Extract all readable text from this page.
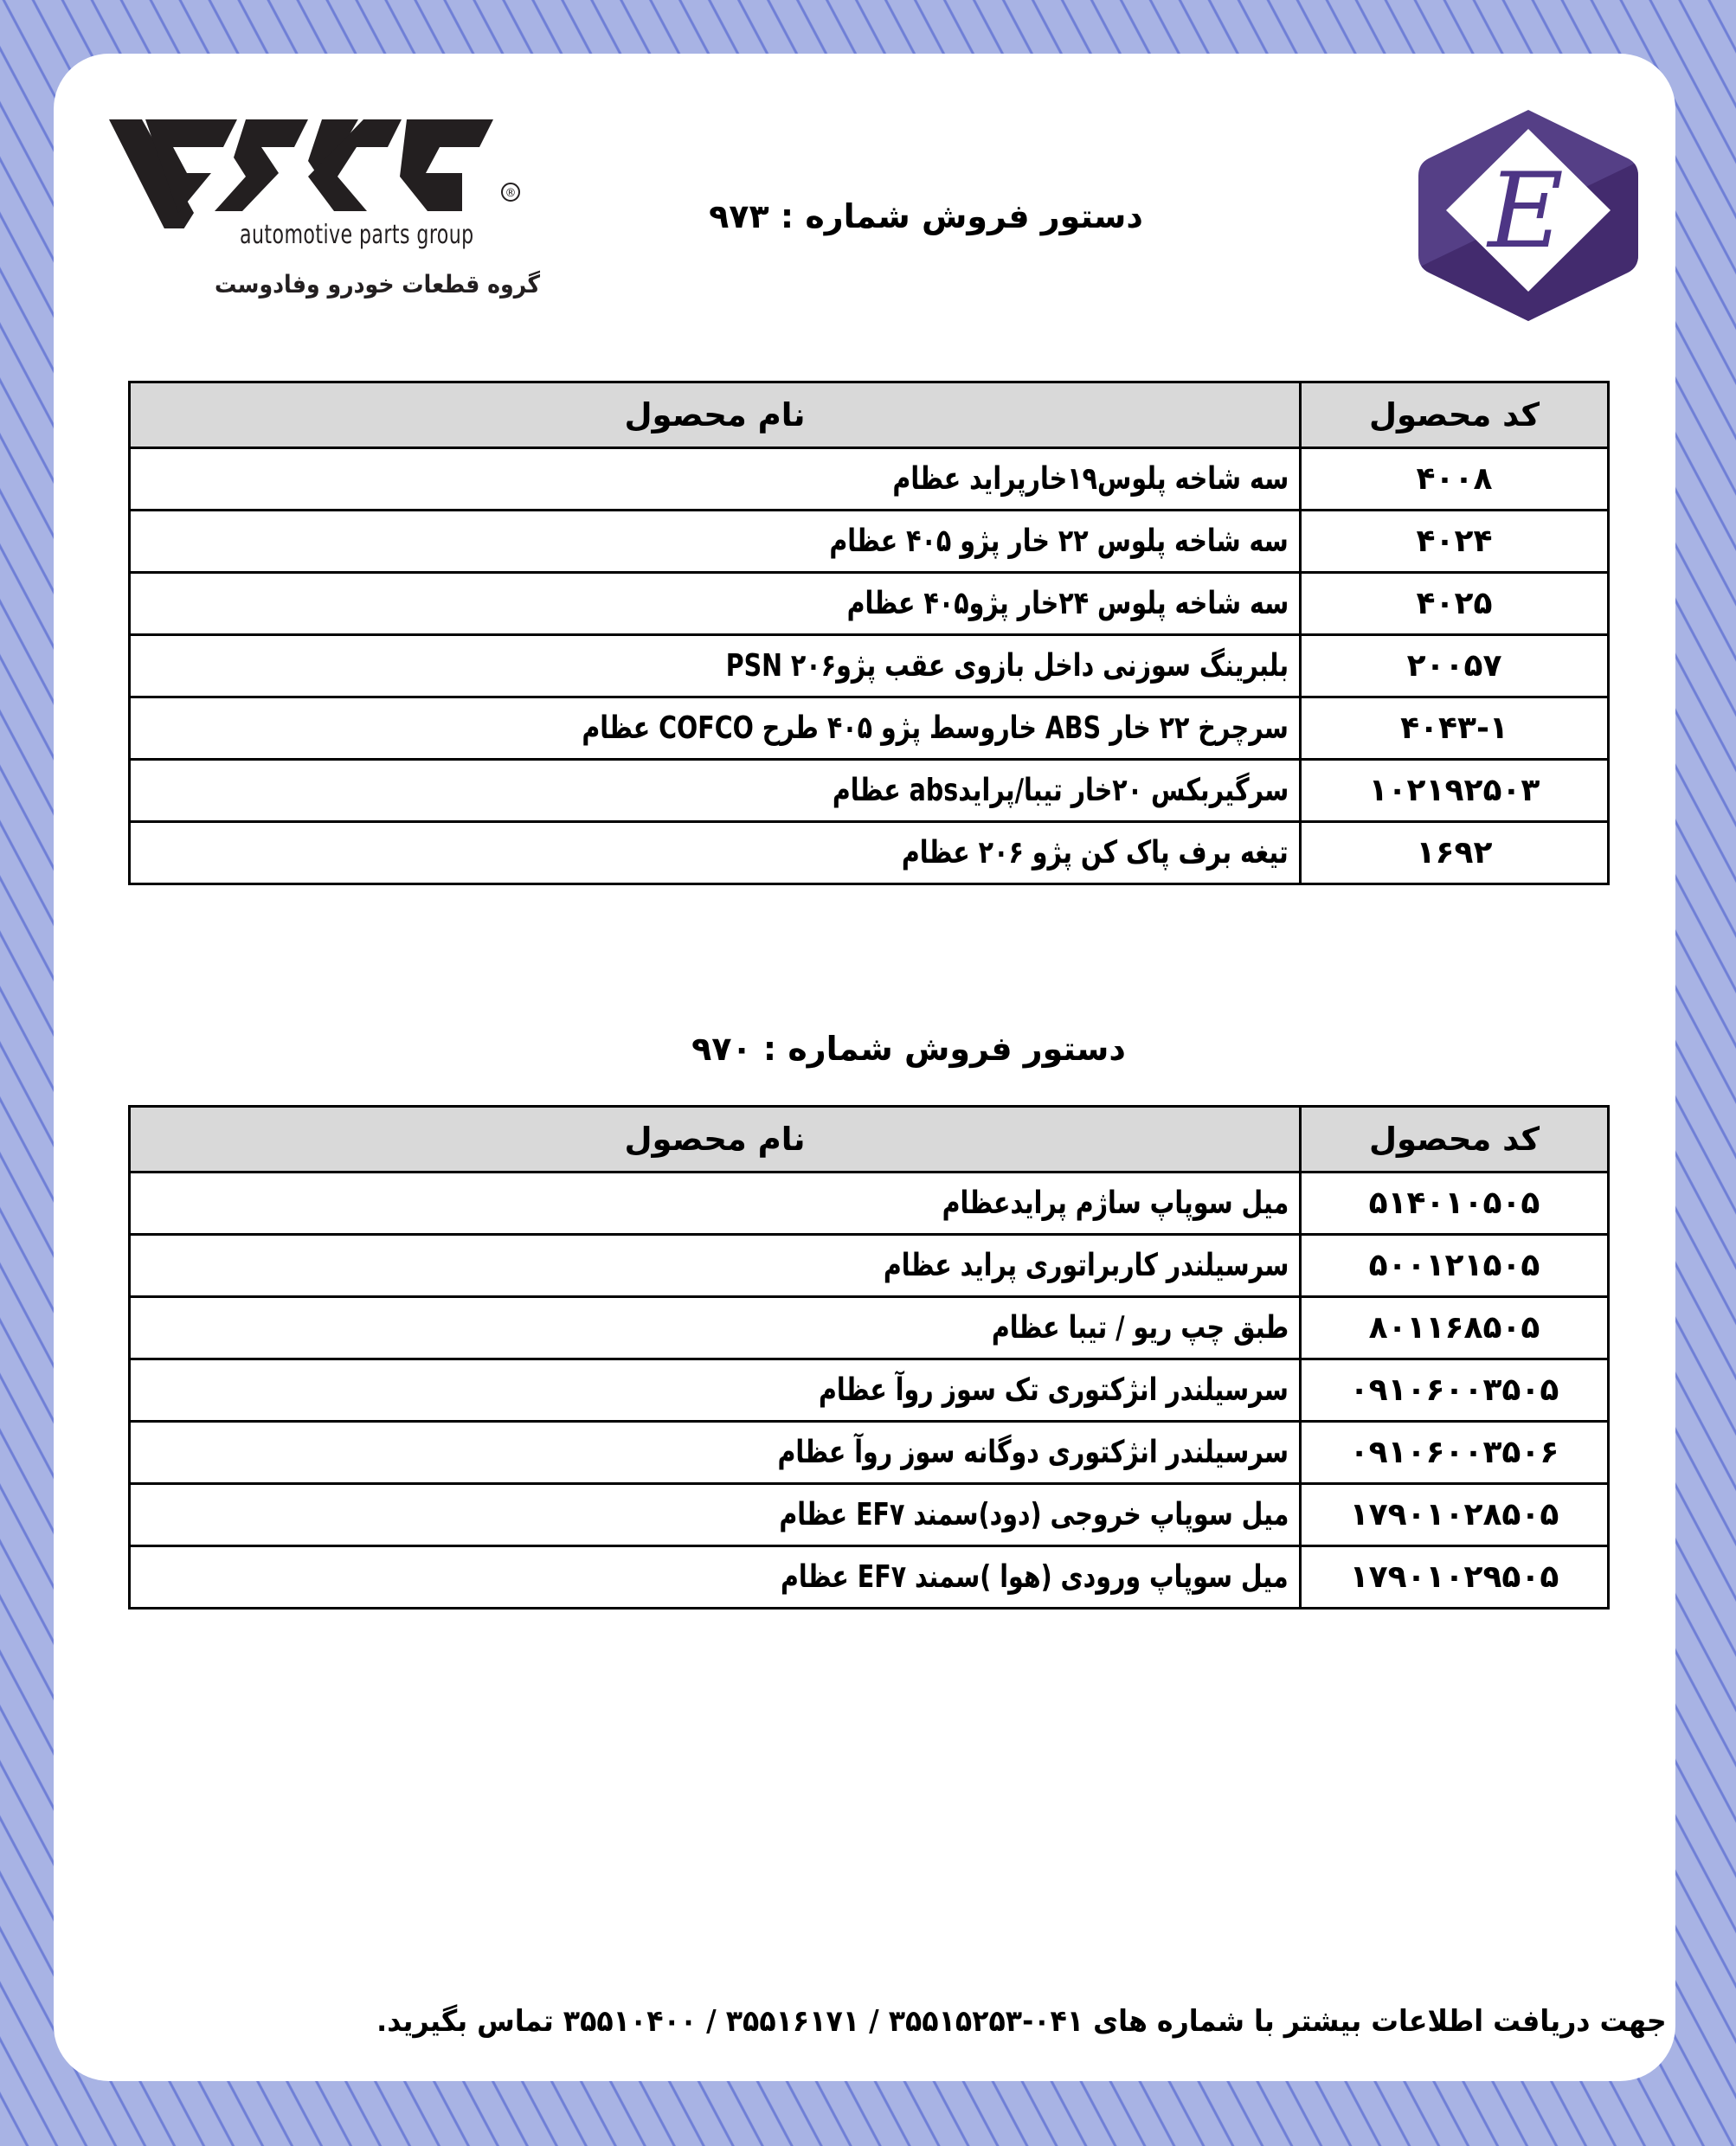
®
automotive parts group
گروه قطعات خودرو وفادوست
E
دستور فروش شماره : ۹۷۳
کد محصول	نام محصول
۴۰۰۸	سه شاخه پلوس۱۹خارپراید عظام
۴۰۲۴	سه شاخه پلوس ۲۲ خار پژو ۴۰۵ عظام
۴۰۲۵	سه شاخه پلوس ۲۴خار پژو۴۰۵ عظام
۲۰۰۵۷	بلبرینگ سوزنی داخل بازوی عقب پژو۲۰۶ PSN
۴۰۴۳-۱	سرچرخ ۲۲ خار ABS خاروسط پژو ۴۰۵ طرح COFCO عظام
۱۰۲۱۹۲۵۰۳	سرگیربکس ۲۰خار تیبا/پرایدabs عظام
۱۶۹۲	تیغه برف پاک کن پژو ۲۰۶ عظام
دستور فروش شماره : ۹۷۰
کد محصول	نام محصول
۵۱۴۰۱۰۵۰۵	میل سوپاپ ساژم پرایدعظام
۵۰۰۱۲۱۵۰۵	سرسیلندر کاربراتوری پراید عظام
۸۰۱۱۶۸۵۰۵	طبق چپ ریو / تیبا عظام
۰۹۱۰۶۰۰۳۵۰۵	سرسیلندر انژکتوری تک سوز روآ عظام
۰۹۱۰۶۰۰۳۵۰۶	سرسیلندر انژکتوری دوگانه سوز روآ عظام
۱۷۹۰۱۰۲۸۵۰۵	میل سوپاپ خروجی (دود)سمند EF۷ عظام
۱۷۹۰۱۰۲۹۵۰۵	میل سوپاپ ورودی (هوا )سمند EF۷ عظام
جهت دریافت اطلاعات بیشتر با شماره های ۰۴۱-۳۵۵۱۵۲۵۳ / ۳۵۵۱۶۱۷۱ / ۳۵۵۱۰۴۰۰ تماس بگیرید.
